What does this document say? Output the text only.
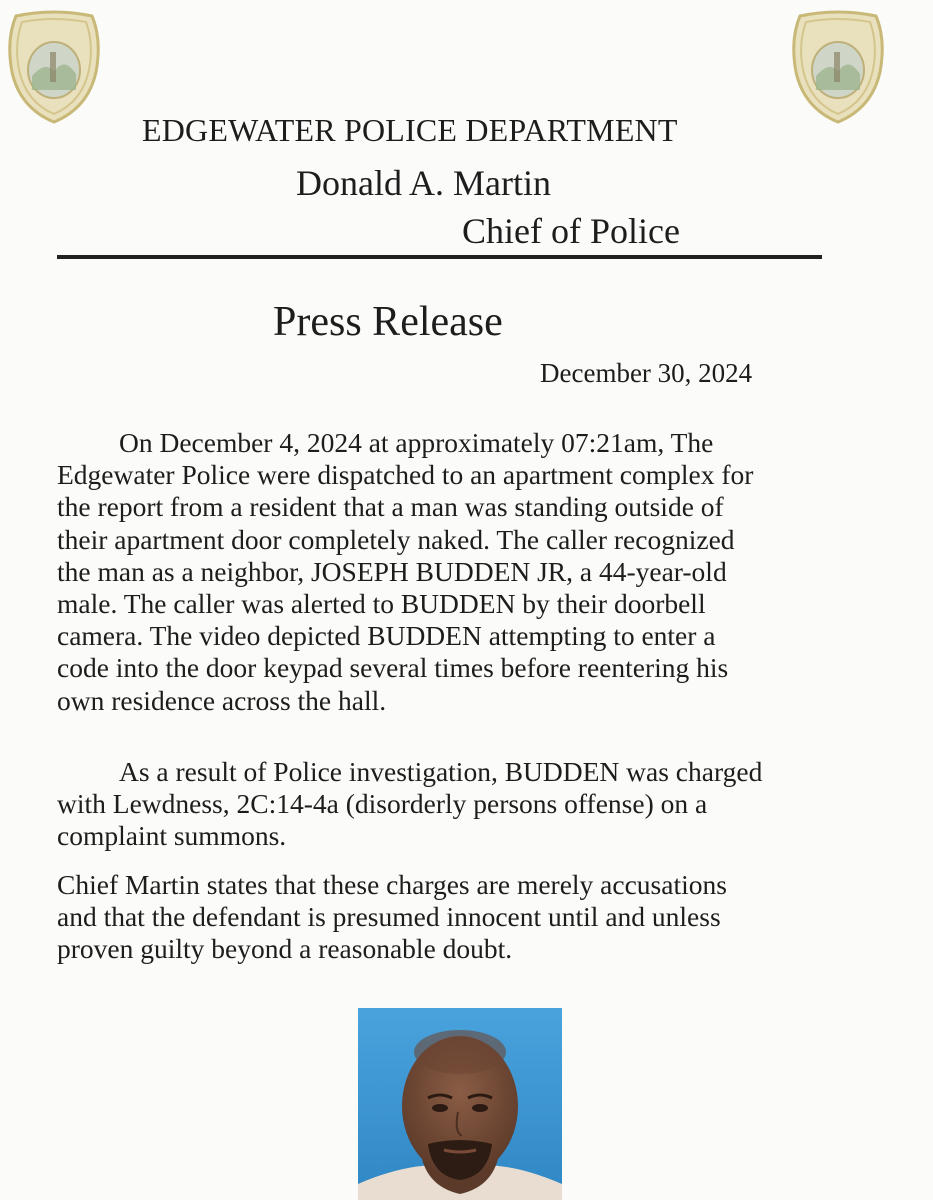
EDGEWATER POLICE DEPARTMENT
Donald A. Martin
Chief of Police
Press Release
December 30, 2024
On December 4, 2024 at approximately 07:21am, The
Edgewater Police were dispatched to an apartment complex for
the report from a resident that a man was standing outside of
their apartment door completely naked. The caller recognized
the man as a neighbor, JOSEPH BUDDEN JR, a 44-year-old
male. The caller was alerted to BUDDEN by their doorbell
camera. The video depicted BUDDEN attempting to enter a
code into the door keypad several times before reentering his
own residence across the hall.
As a result of Police investigation, BUDDEN was charged
with Lewdness, 2C:14-4a (disorderly persons offense) on a
complaint summons.
Chief Martin states that these charges are merely accusations
and that the defendant is presumed innocent until and unless
proven guilty beyond a reasonable doubt.
